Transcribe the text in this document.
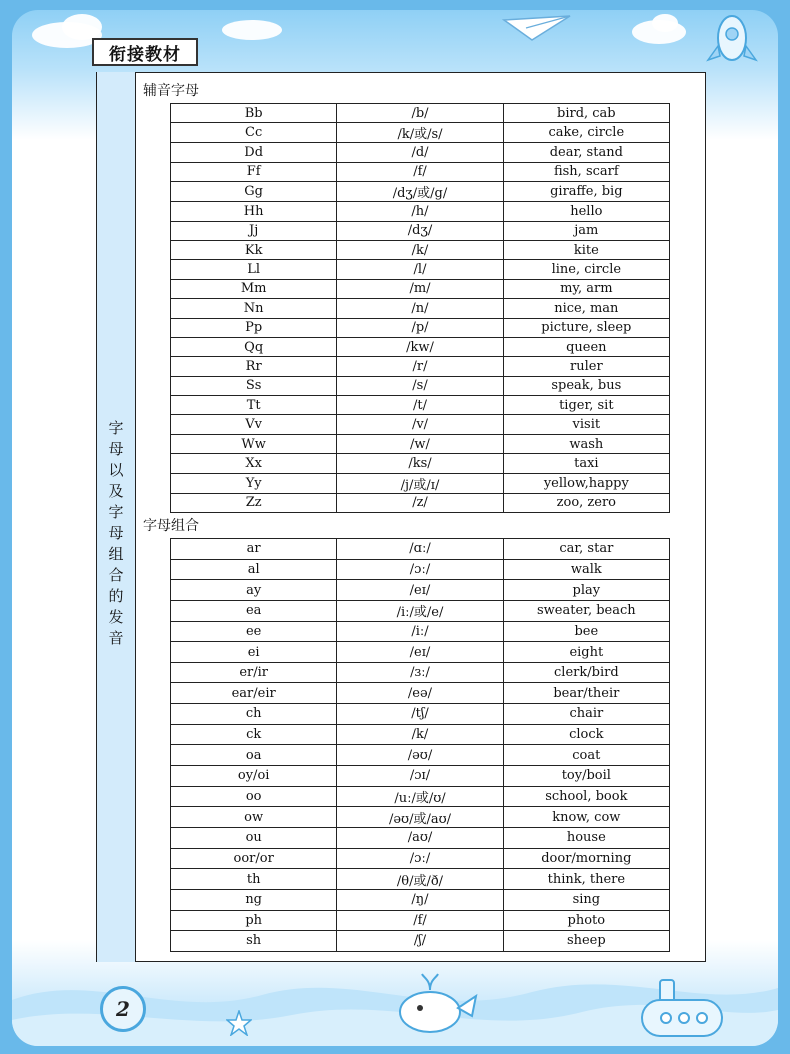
衔接教材
字母以及字母组合的发音
辅音字母
Bb	/b/	bird, cab
Cc	/k/或/s/	cake, circle
Dd	/d/	dear, stand
Ff	/f/	fish, scarf
Gg	/dʒ/或/g/	giraffe, big
Hh	/h/	hello
Jj	/dʒ/	jam
Kk	/k/	kite
Ll	/l/	line, circle
Mm	/m/	my, arm
Nn	/n/	nice, man
Pp	/p/	picture, sleep
Qq	/kw/	queen
Rr	/r/	ruler
Ss	/s/	speak, bus
Tt	/t/	tiger, sit
Vv	/v/	visit
Ww	/w/	wash
Xx	/ks/	taxi
Yy	/j/或/ɪ/	yellow,happy
Zz	/z/	zoo, zero
字母组合
ar	/ɑː/	car, star
al	/ɔː/	walk
ay	/eɪ/	play
ea	/iː/或/e/	sweater, beach
ee	/iː/	bee
ei	/eɪ/	eight
er/ir	/ɜː/	clerk/bird
ear/eir	/eə/	bear/their
ch	/tʃ/	chair
ck	/k/	clock
oa	/əʊ/	coat
oy/oi	/ɔɪ/	toy/boil
oo	/uː/或/ʊ/	school, book
ow	/əʊ/或/aʊ/	know, cow
ou	/aʊ/	house
oor/or	/ɔː/	door/morning
th	/θ/或/ð/	think, there
ng	/ŋ/	sing
ph	/f/	photo
sh	/ʃ/	sheep
2
